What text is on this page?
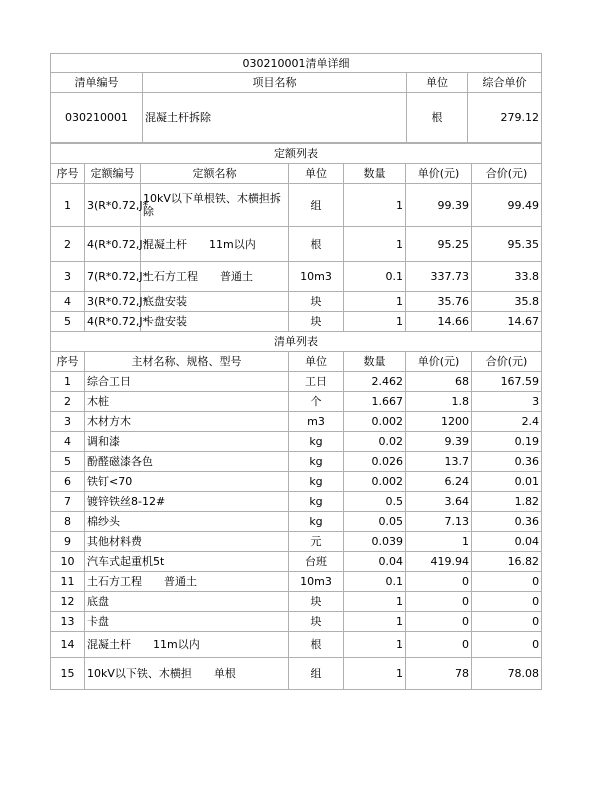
030210001清单详细			
清单编号	项目名称	单位	综合单价
030210001	混凝土杆拆除	根	279.12
定额列表						
序号	定额编号	定额名称	单位	数量	单价(元)	合价(元)
1	3(R*0.72,J*	10kV以下单根铁、木横担拆除	组	1	99.39	99.49
2	4(R*0.72,J*	混凝土杆　　11m以内	根	1	95.25	95.35
3	7(R*0.72,J*	土石方工程　　普通土	10m3	0.1	337.73	33.8
4	3(R*0.72,J*	底盘安装	块	1	35.76	35.8
5	4(R*0.72,J*	卡盘安装	块	1	14.66	14.67
清单列表					
序号	主材名称、规格、型号	单位	数量	单价(元)	合价(元)
1	综合工日	工日	2.462	68	167.59
2	木桩	个	1.667	1.8	3
3	木材方木	m3	0.002	1200	2.4
4	调和漆	kg	0.02	9.39	0.19
5	酚醛磁漆各色	kg	0.026	13.7	0.36
6	铁钉<70	kg	0.002	6.24	0.01
7	镀锌铁丝8-12#	kg	0.5	3.64	1.82
8	棉纱头	kg	0.05	7.13	0.36
9	其他材料费	元	0.039	1	0.04
10	汽车式起重机5t	台班	0.04	419.94	16.82
11	土石方工程　　普通土	10m3	0.1	0	0
12	底盘	块	1	0	0
13	卡盘	块	1	0	0
14	混凝土杆　　11m以内	根	1	0	0
15	10kV以下铁、木横担　　单根	组	1	78	78.08
